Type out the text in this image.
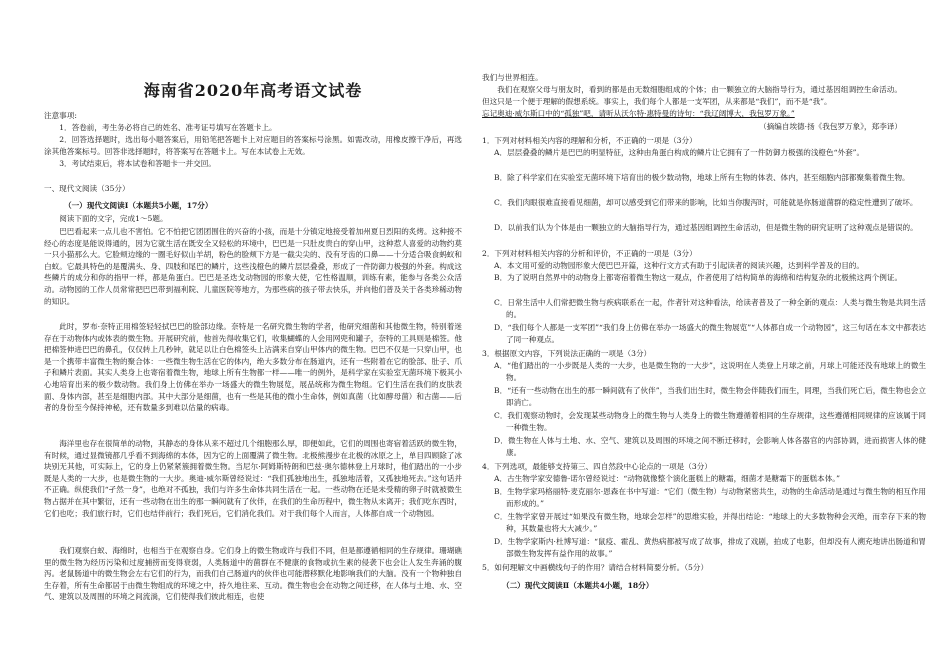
海南省2020年高考语文试卷

注意事项:

1．答卷前，考生务必将自己的姓名、准考证号填写在答题卡上。

2．回答选择题时，选出每小题答案后，用铅笔把答题卡上对应题目的答案标号涂黑。如需改动，用橡皮擦干净后，再选涂其他答案标号。回答非选择题时，将答案写在答题卡上。写在本试卷上无效。

3．考试结束后，将本试卷和答题卡一并交回。

一、现代文阅读（35分）

（一）现代文阅读Ⅰ（本题共5小题，17分）

阅读下面的文字，完成1～5题。

巴巴看起来一点儿也不害怕。它不怕把它团团围住的兴奋的小孩，而是十分镇定地接受着加州夏日烈阳的炙烤。这种接不经心的态度是能说得通的，因为它就生活在既安全又轻松的环境中，巴巴是一只肚皮贵白的穿山甲，这种惹人喜爱的动物约莫一只小猫那么大。它脸颊边缘的一圈毛好似山羊胡，粉色的脸颊下方是一截尖尖的、没有牙齿的口鼻——十分适合吸食蚂蚁和白蚁。它最具特色的是覆满头、身、四肢和尾巴的鳞片，这些浅橙色的鳞片层层叠叠，形成了一件防御力极强的外套。构成这些鳞片的成分和你的指甲一样，都是角蛋白。巴巴是圣迭戈动物园的形象大使，它性格温顺，训练有素，能参与各类公众活动。动物园的工作人员常常把巴巴带到福利院、儿童医院等地方，为那些病的孩子带去快乐，并向他们普及关于各类珍稀动物的知识。

此时，罗布·奈特正用棉签轻轻拭巴巴的脸部边缘。奈特是一名研究微生物的学者，他研究细菌和其他微生物，特别着迷存在于动物体内或体表的微生物。开展研究前，他首先得收集它们，收集蝴蝶的人会用网兜和罐子，奈特的工具则是棉签。他把棉签伸进巴巴的鼻孔，仅仅转上几秒钟，就足以让白色棉签头上沾满来自穿山甲体内的微生物。巴巴不仅是一只穿山甲，也是一个携带丰富微生物的聚合体：一些微生物生活在它的体内，绝大多数分布在肠道内，还有一些附着在它的脸部、肚子、爪子和鳞片表面。其实人类身上也寄宿着微生物，地球上所有生物都一样——唯一的例外，是科学家在实验室无菌环境下极其小心地培育出来的极少数动物。我们身上仿佛在举办一场盛大的微生物展览，展品统称为微生物组。它们生活在我们的皮肤表面、身体内部，甚至是细胞内部。其中大部分是细菌，也有一些是其他的微小生命体，例如真菌（比如酵母菌）和古菌——后者的身份至今保持神秘，还有数量多到难以估量的病毒。

海洋里也存在很简单的动物，其静态的身体从来不超过几个细胞那么厚，即便如此，它们的周围也寄宿着活跃的微生物，有时候，通过显微镜都几乎看不到海绵的本体，因为它的上面覆满了微生物。北极熊漫步在北极的冰原之上，单目四顾除了冰块别无其他，可实际上，它的身上仍紧紧簇拥着微生物。当尼尔·阿姆斯特朗和巴兹·奥尔德林登上月球时，他们踏出的一小步既是人类的一大步，也是微生物的一大步。奥迪·威尔斯曾经说过：“我们孤独地出生，孤独地活着，又孤独地死去。”这句话并不正确。纵使我们“孑然一身”，也绝对不孤独，我们与许多生命体共同生活在一起。一些动物在还是未受精的卵子时就被微生物占据并在其中繁衍，还有一些动物在出生的那一瞬间就有了伙伴，在我们的生命历程中，微生物从未离开；我们吃东西时，它们也吃；我们旅行时，它们也结伴前行；我们死后，它们消化我们。对于我们每个人而言，人体都自成一个动物园。

我们观察白蚁、海绵时，也相当于在观察自身。它们身上的微生物或许与我们不同，但是都遵循相同的生存规律。珊瑚礁里的微生物为经历污染和过度捕捞而变得衰弱，人类肠道中的菌群在不健康的食物或抗生素的侵袭下也会让人发生奔涌的腹泻。老鼠肠道中的微生物会左右它们的行为，而我们自己肠道内的伙伴也可能潜移默化地影响我们的大脑。没有一个物种独自生存着，所有生命都居于由微生物组成的环境之中，持久地往来、互动。微生物也会在动物之间迁移，在人体与土地、水、空气、建筑以及周围的环境之间流淌，它们使得我们彼此相连，也使

我们与世界相连。

我们在观察父母与朋友时，看到的都是由无数细胞组成的个体；由一颗独立的大脑指导行为，通过基因组调控生命活动。但这只是一个便于理解的假想系统。事实上，我们每个人都是一支军团，从来都是“我们”，而不是“我”。

忘记奥迪·威尔斯口中的“孤独”吧，请听从沃尔特·惠特曼的诗句：“我辽阔博大，我包罗万象。”

（摘编自埃德·扬《我包罗万象》，郑李译）

1．下列对材料相关内容的理解和分析，不正确的一项是（3分）

A．层层叠叠的鳞片是巴巴的明显特征，这种由角蛋白构成的鳞片让它拥有了一件防御力极强的浅橙色“外套”。

B．除了科学家们在实验室无菌环境下培育出的极少数动物，地球上所有生物的体表、体内，甚至细胞内部都聚集着微生物。

C．我们肉眼很难直接看见细菌，却可以感受到它们带来的影响，比如当你腹泻时，可能就是你肠道菌群的稳定性遭到了破坏。

D．以前我们认为个体是由一颗独立的大脑指导行为，通过基因组调控生命活动，但是微生物的研究证明了这种观点是错误的。

2．下列对材料相关内容的分析和评价，不正确的一项是（3分）

A．本文用可爱的动物园形象大使巴巴开篇，这种行文方式有助于引起读者的阅读兴趣，达到科学普及的目的。

B．为了说明自然界中的动物身上都寄宿着微生物这一观点，作者使用了结构简单的海绵和结构复杂的北极熊这两个例证。

C．日常生活中人们常把微生物与疾病联系在一起，作者针对这种看法，给读者普及了一种全新的观点：人类与微生物是共同生活的。

D．“我们每个人都是一支军团”“我们身上仿佛在举办一场盛大的微生物展览”“人体都自成一个动物园”，这三句话在本文中都表达了同一种观点。

3．根据原文内容，下列说法正确的一项是（3分）

A．“他们踏出的一小步既是人类的一大步，也是微生物的一大步”，这说明在人类登上月球之前，月球上可能还没有地球上的微生物。

B．“还有一些动物在出生的那一瞬间就有了伙伴”，当我们出生时，微生物会伴随我们而生，同理，当我们死亡后，微生物也会立即消亡。

C．我们观察动物时，会发现某些动物身上的微生物与人类身上的微生物遵循着相同的生存规律，这些遵循相同规律的应该属于同一种微生物。

D．微生物在人体与土地、水、空气、建筑以及周围的环境之间不断迁移时，会影响人体各器官的内部协调，进而损害人体的健康。

4．下列选项，最能够支持第三、四自然段中心论点的一项是（3分）

A．古生物学家安德鲁·诺尔曾经说过：“动物就像整个演化蛋糕上的糖霜，细菌才是糖霜下的蛋糕本体。”

B．生物学家玛格丽特·麦克丽尔·恩森在书中写道：“它们（微生物）与动物紧密共生，动物的生命活动是通过与微生物的相互作用而形成的。”

C．生物学家曾开展过“如果没有微生物，地球会怎样”的思维实验，并得出结论：“地球上的大多数物种会灭绝，而幸存下来的物种，其数量也将大大减少。”

D．生物学家斯内·杜博写道：“鼠疫、霍乱、黄热病都被写成了故事，排成了戏剧，拍成了电影，但却没有人溯充地讲出肠道和胃部微生物发挥有益作用的故事。”

5．如何理解文中画横线句子的作用？请结合材料简要分析。（5分）

（二）现代文阅读Ⅱ（本题共4小题，18分）
